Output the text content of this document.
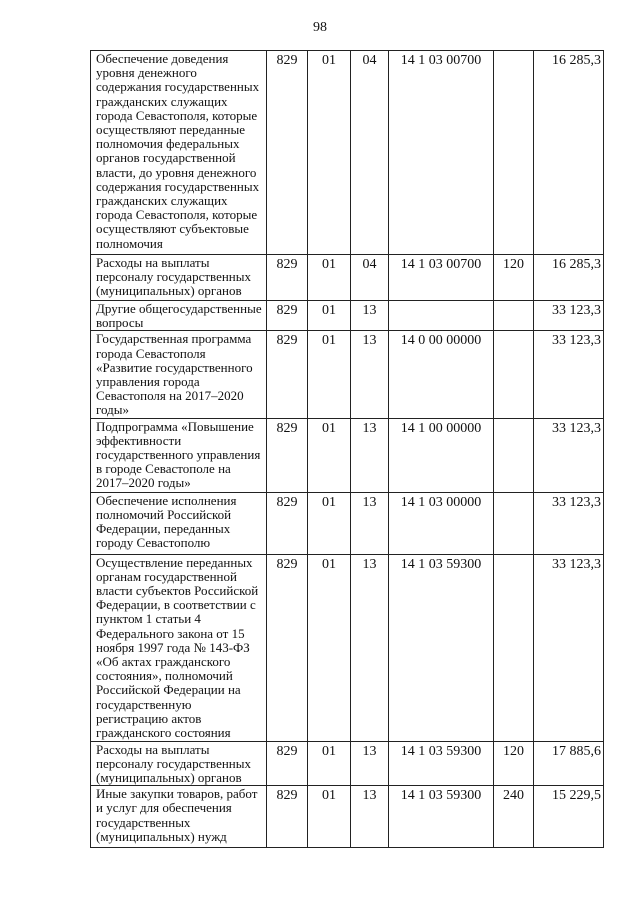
98
Обеспечение доведения уровня денежного содержания государственных гражданских служащих города Севастополя, которые осуществляют переданные полномочия федеральных органов государственной власти, до уровня денежного содержания государственных гражданских служащих города Севастополя, которые осуществляют субъектовые полномочия	829	01	04	14 1 03 00700		16 285,3
Расходы на выплаты персоналу государственных (муниципальных) органов	829	01	04	14 1 03 00700	120	16 285,3
Другие общегосударственные вопросы	829	01	13			33 123,3
Государственная программа города Севастополя «Развитие государственного управления города Севастополя на 2017–2020 годы»	829	01	13	14 0 00 00000		33 123,3
Подпрограмма «Повышение эффективности государственного управления в городе Севастополе на 2017–2020 годы»	829	01	13	14 1 00 00000		33 123,3
Обеспечение исполнения полномочий Российской Федерации, переданных городу Севастополю	829	01	13	14 1 03 00000		33 123,3
Осуществление переданных органам государственной власти субъектов Российской Федерации, в соответствии с пунктом 1 статьи 4 Федерального закона от 15 ноября 1997 года № 143-ФЗ «Об актах гражданского состояния», полномочий Российской Федерации на государственную регистрацию актов гражданского состояния	829	01	13	14 1 03 59300		33 123,3
Расходы на выплаты персоналу государственных (муниципальных) органов	829	01	13	14 1 03 59300	120	17 885,6
Иные закупки товаров, работ и услуг для обеспечения государственных (муниципальных) нужд	829	01	13	14 1 03 59300	240	15 229,5
